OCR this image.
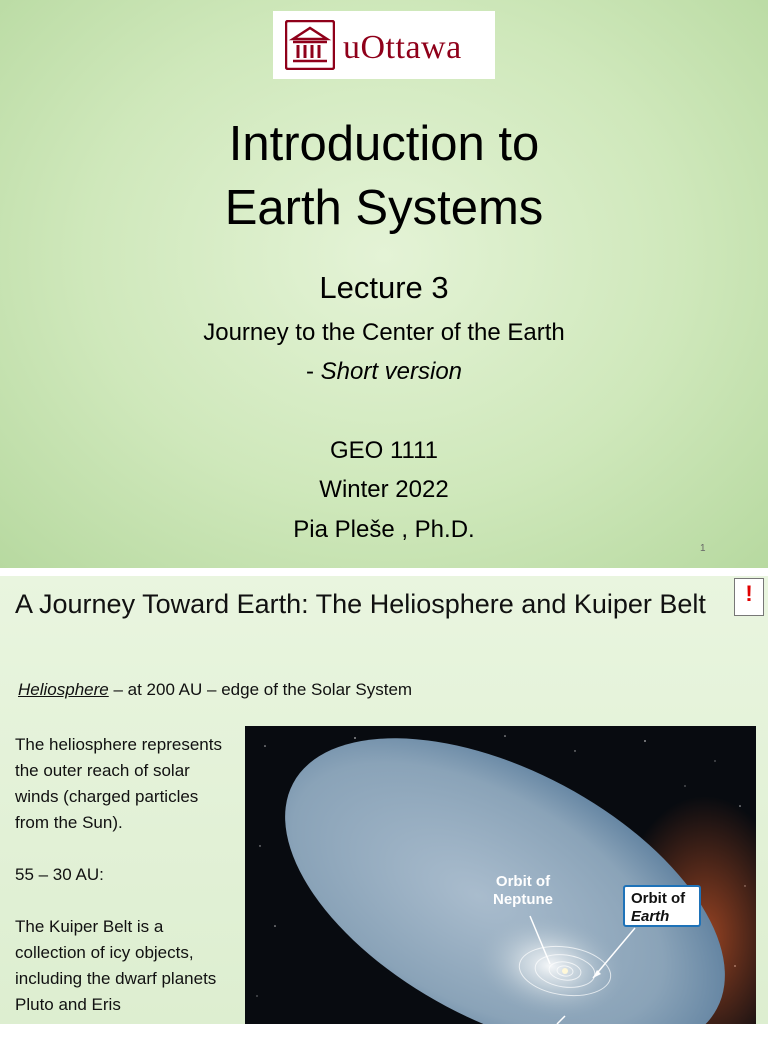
uOttawa
Introduction to
Earth Systems
Lecture 3
Journey to the Center of the Earth
- Short version
GEO 1111
Winter 2022
Pia Pleše , Ph.D.
1
A Journey Toward Earth: The Heliosphere and Kuiper Belt	!
Heliosphere – at 200 AU – edge of the Solar System

The heliosphere represents the outer reach of solar winds (charged particles from the Sun).

55 – 30 AU:

The Kuiper Belt is a collection of icy objects, including the dwarf planets Pluto and Eris

Orbit of
Neptune	Orbit of
Earth
